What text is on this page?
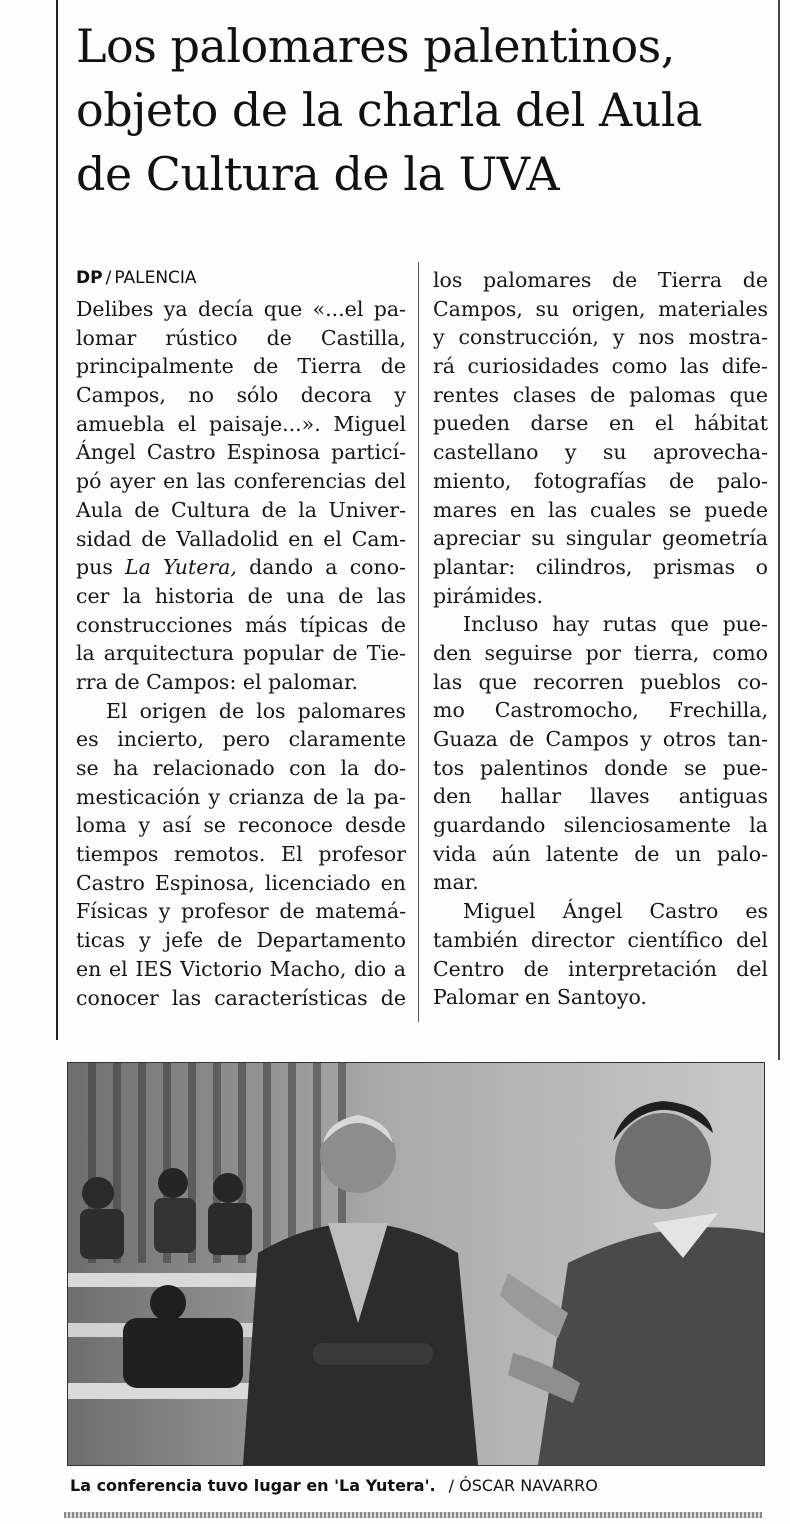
Los palomares palentinos,
objeto de la charla del Aula
de Cultura de la UVA
DP / PALENCIA
Delibes ya decía que «...el pa-
lomar rústico de Castilla,
principalmente de Tierra de
Campos, no sólo decora y
amuebla el paisaje...». Miguel
Ángel Castro Espinosa particí-
pó ayer en las conferencias del
Aula de Cultura de la Univer-
sidad de Valladolid en el Cam-
pus La Yutera, dando a cono-
cer la historia de una de las
construcciones más típicas de
la arquitectura popular de Tie-
rra de Campos: el palomar.
El origen de los palomares
es incierto, pero claramente
se ha relacionado con la do-
mesticación y crianza de la pa-
loma y así se reconoce desde
tiempos remotos. El profesor
Castro Espinosa, licenciado en
Físicas y profesor de matemá-
ticas y jefe de Departamento
en el IES Victorio Macho, dio a
conocer las características de
los palomares de Tierra de
Campos, su origen, materiales
y construcción, y nos mostra-
rá curiosidades como las dife-
rentes clases de palomas que
pueden darse en el hábitat
castellano y su aprovecha-
miento, fotografías de palo-
mares en las cuales se puede
apreciar su singular geometría
plantar: cilindros, prismas o
pirámides.
Incluso hay rutas que pue-
den seguirse por tierra, como
las que recorren pueblos co-
mo Castromocho, Frechilla,
Guaza de Campos y otros tan-
tos palentinos donde se pue-
den hallar llaves antiguas
guardando silenciosamente la
vida aún latente de un palo-
mar.
Miguel Ángel Castro es
también director científico del
Centro de interpretación del
Palomar en Santoyo.
La conferencia tuvo lugar en 'La Yutera'. / ÓSCAR NAVARRO
